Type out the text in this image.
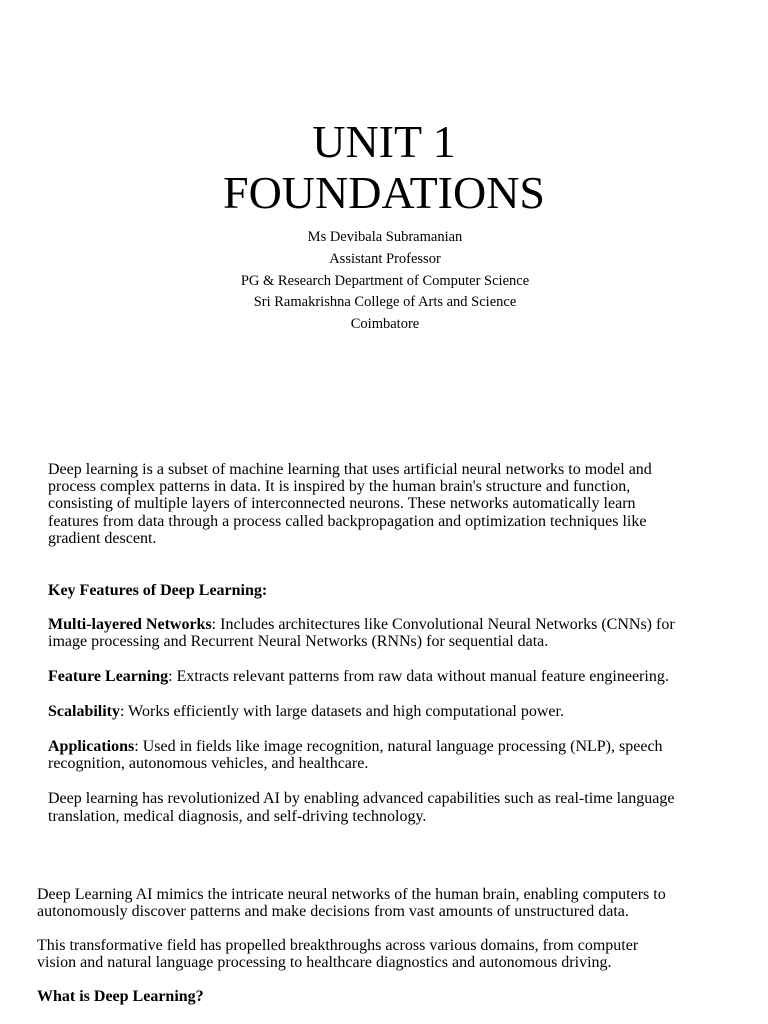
UNIT 1

FOUNDATIONS

Ms Devibala Subramanian
Assistant Professor
PG & Research Department of Computer Science
Sri Ramakrishna College of Arts and Science
Coimbatore

Deep learning is a subset of machine learning that uses artificial neural networks to model and process complex patterns in data. It is inspired by the human brain's structure and function, consisting of multiple layers of interconnected neurons. These networks automatically learn features from data through a process called backpropagation and optimization techniques like gradient descent.

Key Features of Deep Learning:

Multi-layered Networks: Includes architectures like Convolutional Neural Networks (CNNs) for image processing and Recurrent Neural Networks (RNNs) for sequential data.

Feature Learning: Extracts relevant patterns from raw data without manual feature engineering.

Scalability: Works efficiently with large datasets and high computational power.

Applications: Used in fields like image recognition, natural language processing (NLP), speech recognition, autonomous vehicles, and healthcare.

Deep learning has revolutionized AI by enabling advanced capabilities such as real-time language translation, medical diagnosis, and self-driving technology.

Deep Learning AI mimics the intricate neural networks of the human brain, enabling computers to autonomously discover patterns and make decisions from vast amounts of unstructured data.

This transformative field has propelled breakthroughs across various domains, from computer vision and natural language processing to healthcare diagnostics and autonomous driving.

What is Deep Learning?
